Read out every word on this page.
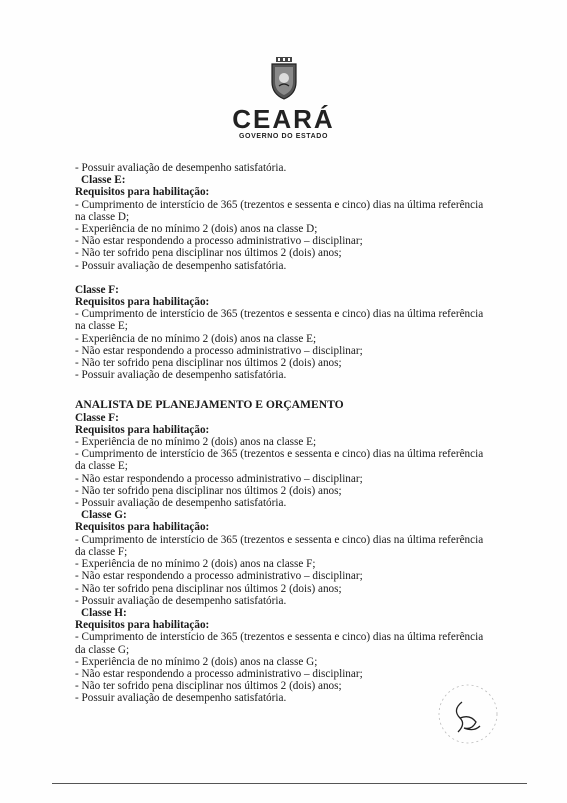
CEARÁ
GOVERNO DO ESTADO
- Possuir avaliação de desempenho satisfatória.
Classe E:
Requisitos para habilitação:
- Cumprimento de interstício de 365 (trezentos e sessenta e cinco) dias na última referência
na classe D;
- Experiência de no mínimo 2 (dois) anos na classe D;
- Não estar respondendo a processo administrativo – disciplinar;
- Não ter sofrido pena disciplinar nos últimos 2 (dois) anos;
- Possuir avaliação de desempenho satisfatória.
Classe F:
Requisitos para habilitação:
- Cumprimento de interstício de 365 (trezentos e sessenta e cinco) dias na última referência
na classe E;
- Experiência de no mínimo 2 (dois) anos na classe E;
- Não estar respondendo a processo administrativo – disciplinar;
- Não ter sofrido pena disciplinar nos últimos 2 (dois) anos;
- Possuir avaliação de desempenho satisfatória.
ANALISTA DE PLANEJAMENTO E ORÇAMENTO
Classe F:
Requisitos para habilitação:
- Experiência de no mínimo 2 (dois) anos na classe E;
- Cumprimento de interstício de 365 (trezentos e sessenta e cinco) dias na última referência
da classe E;
- Não estar respondendo a processo administrativo – disciplinar;
- Não ter sofrido pena disciplinar nos últimos 2 (dois) anos;
- Possuir avaliação de desempenho satisfatória.
Classe G:
Requisitos para habilitação:
- Cumprimento de interstício de 365 (trezentos e sessenta e cinco) dias na última referência
da classe F;
- Experiência de no mínimo 2 (dois) anos na classe F;
- Não estar respondendo a processo administrativo – disciplinar;
- Não ter sofrido pena disciplinar nos últimos 2 (dois) anos;
- Possuir avaliação de desempenho satisfatória.
Classe H:
Requisitos para habilitação:
- Cumprimento de interstício de 365 (trezentos e sessenta e cinco) dias na última referência
da classe G;
- Experiência de no mínimo 2 (dois) anos na classe G;
- Não estar respondendo a processo administrativo – disciplinar;
- Não ter sofrido pena disciplinar nos últimos 2 (dois) anos;
- Possuir avaliação de desempenho satisfatória.
